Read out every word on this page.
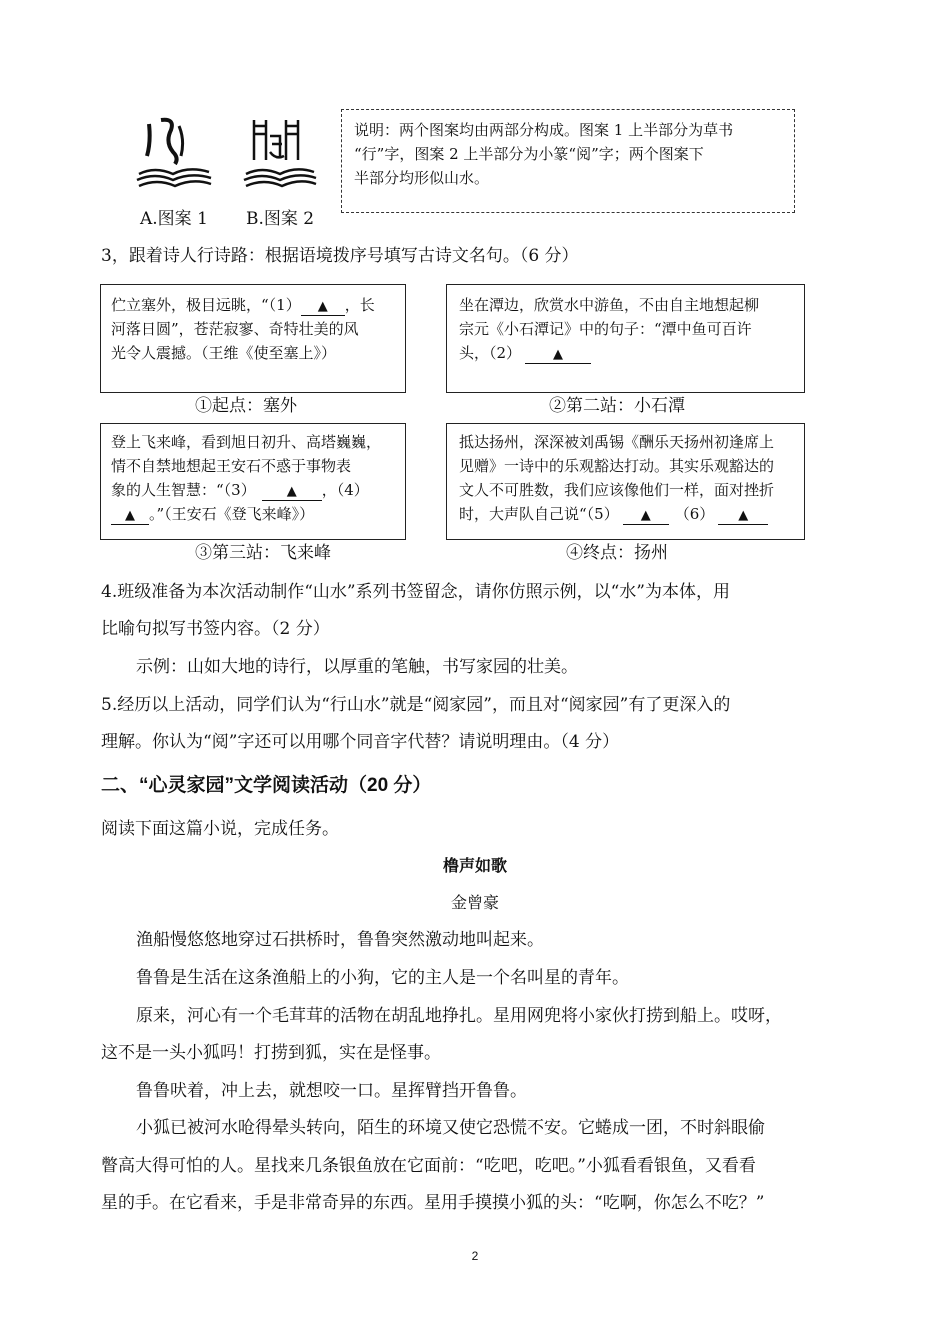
A.图案 1 B.图案 2
说明：两个图案均由两部分构成。图案 1 上半部分为草书
“行”字，图案 2 上半部分为小篆“阅”字；两个图案下
半部分均形似山水。
3，跟着诗人行诗路：根据语境拨序号填写古诗文名句。（6 分）
伫立塞外，极目远眺，“（1） ▲ ，长
河落日圆”，苍茫寂寥、奇特壮美的风
光令人震撼。（王维《使至塞上》）
①起点：塞外
坐在潭边，欣赏水中游鱼，不由自主地想起柳
宗元《小石潭记》中的句子：“潭中鱼可百许
头，（2） ▲
②第二站：小石潭
登上飞来峰，看到旭日初升、高塔巍巍，
情不自禁地想起王安石不惑于事物表
象的人生智慧：“（3） ▲ ，（4）
▲ 。”（王安石《登飞来峰》）
③第三站：飞来峰
抵达扬州，深深被刘禹锡《酬乐天扬州初逢席上
见赠》一诗中的乐观豁达打动。其实乐观豁达的
文人不可胜数，我们应该像他们一样，面对挫折
时，大声队自己说“（5） ▲ （6） ▲
④终点：扬州
4.班级准备为本次活动制作“山水”系列书签留念，请你仿照示例，以“水”为本体，用
比喻句拟写书签内容。（2 分）
示例：山如大地的诗行，以厚重的笔触，书写家园的壮美。
5.经历以上活动，同学们认为“行山水”就是“阅家园”，而且对“阅家园”有了更深入的
理解。你认为“阅”字还可以用哪个同音字代替？请说明理由。（4 分）
二、“心灵家园”文学阅读活动（20 分）
阅读下面这篇小说，完成任务。
橹声如歌
金曾豪
渔船慢悠悠地穿过石拱桥时，鲁鲁突然激动地叫起来。
鲁鲁是生活在这条渔船上的小狗，它的主人是一个名叫星的青年。
原来，河心有一个毛茸茸的活物在胡乱地挣扎。星用网兜将小家伙打捞到船上。哎呀，
这不是一头小狐吗！打捞到狐，实在是怪事。
鲁鲁吠着，冲上去，就想咬一口。星挥臂挡开鲁鲁。
小狐已被河水呛得晕头转向，陌生的环境又使它恐慌不安。它蜷成一团，不时斜眼偷
瞥高大得可怕的人。星找来几条银鱼放在它面前：“吃吧，吃吧。”小狐看看银鱼，又看看
星的手。在它看来，手是非常奇异的东西。星用手摸摸小狐的头：“吃啊，你怎么不吃？”
2
